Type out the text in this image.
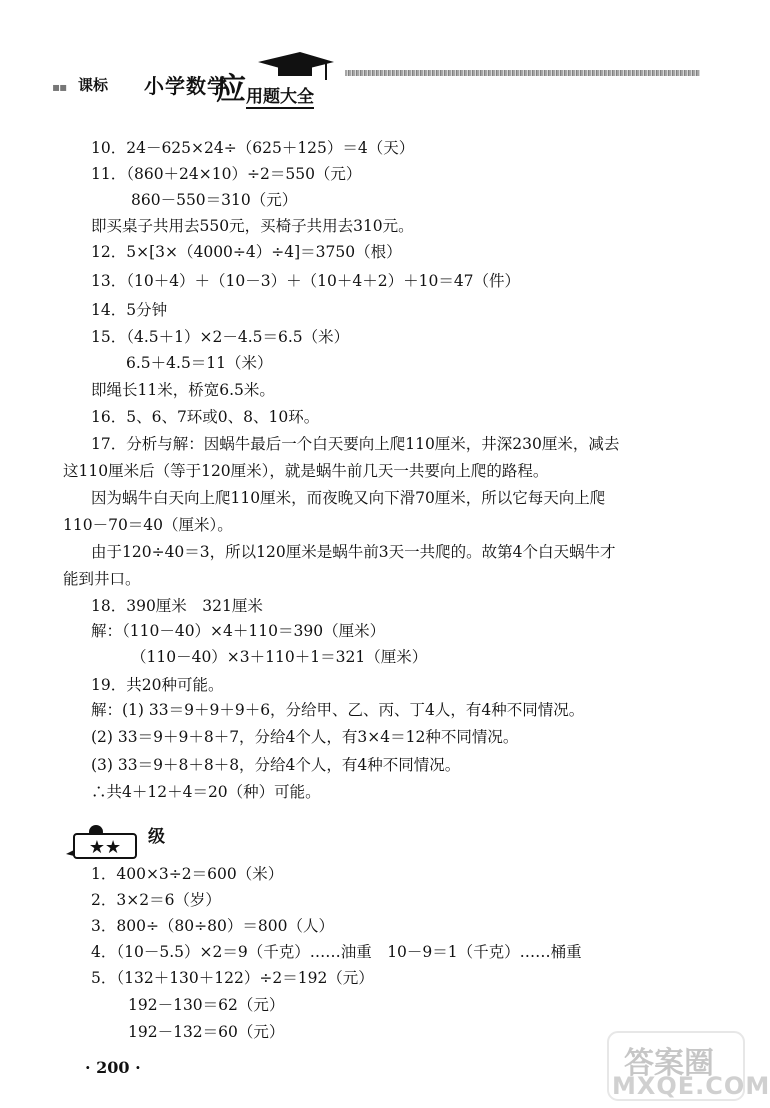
▪▪ 课标 小学数学
应 用题大全
10．24－625×24÷（625＋125）＝4（天）
11．（860＋24×10）÷2＝550（元）
860－550＝310（元）
即买桌子共用去550元，买椅子共用去310元。
12．5×[3×（4000÷4）÷4]＝3750（根）
13．（10＋4）＋（10－3）＋（10＋4＋2）＋10＝47（件）
14．5分钟
15．（4.5＋1）×2－4.5＝6.5（米）
6.5＋4.5＝11（米）
即绳长11米，桥宽6.5米。
16．5、6、7环或0、8、10环。
17．分析与解：因蜗牛最后一个白天要向上爬110厘米，井深230厘米，减去
这110厘米后（等于120厘米），就是蜗牛前几天一共要向上爬的路程。
因为蜗牛白天向上爬110厘米，而夜晚又向下滑70厘米，所以它每天向上爬
110－70＝40（厘米）。
由于120÷40＝3，所以120厘米是蜗牛前3天一共爬的。故第4个白天蜗牛才
能到井口。
18．390厘米　321厘米
解：（110－40）×4＋110＝390（厘米）
（110－40）×3＋110＋1＝321（厘米）
19．共20种可能。
解：(1) 33＝9＋9＋9＋6，分给甲、乙、丙、丁4人，有4种不同情况。
(2) 33＝9＋9＋8＋7，分给4个人，有3×4＝12种不同情况。
(3) 33＝9＋8＋8＋8，分给4个人，有4种不同情况。
∴共4＋12＋4＝20（种）可能。
★★ 级
1．400×3÷2＝600（米）
2．3×2＝6（岁）
3．800÷（80÷80）＝800（人）
4．（10－5.5）×2＝9（千克）……油重　10－9＝1（千克）……桶重
5．（132＋130＋122）÷2＝192（元）
192－130＝62（元）
192－132＝60（元）
· 200 ·	答案圈
MXQE.COM
